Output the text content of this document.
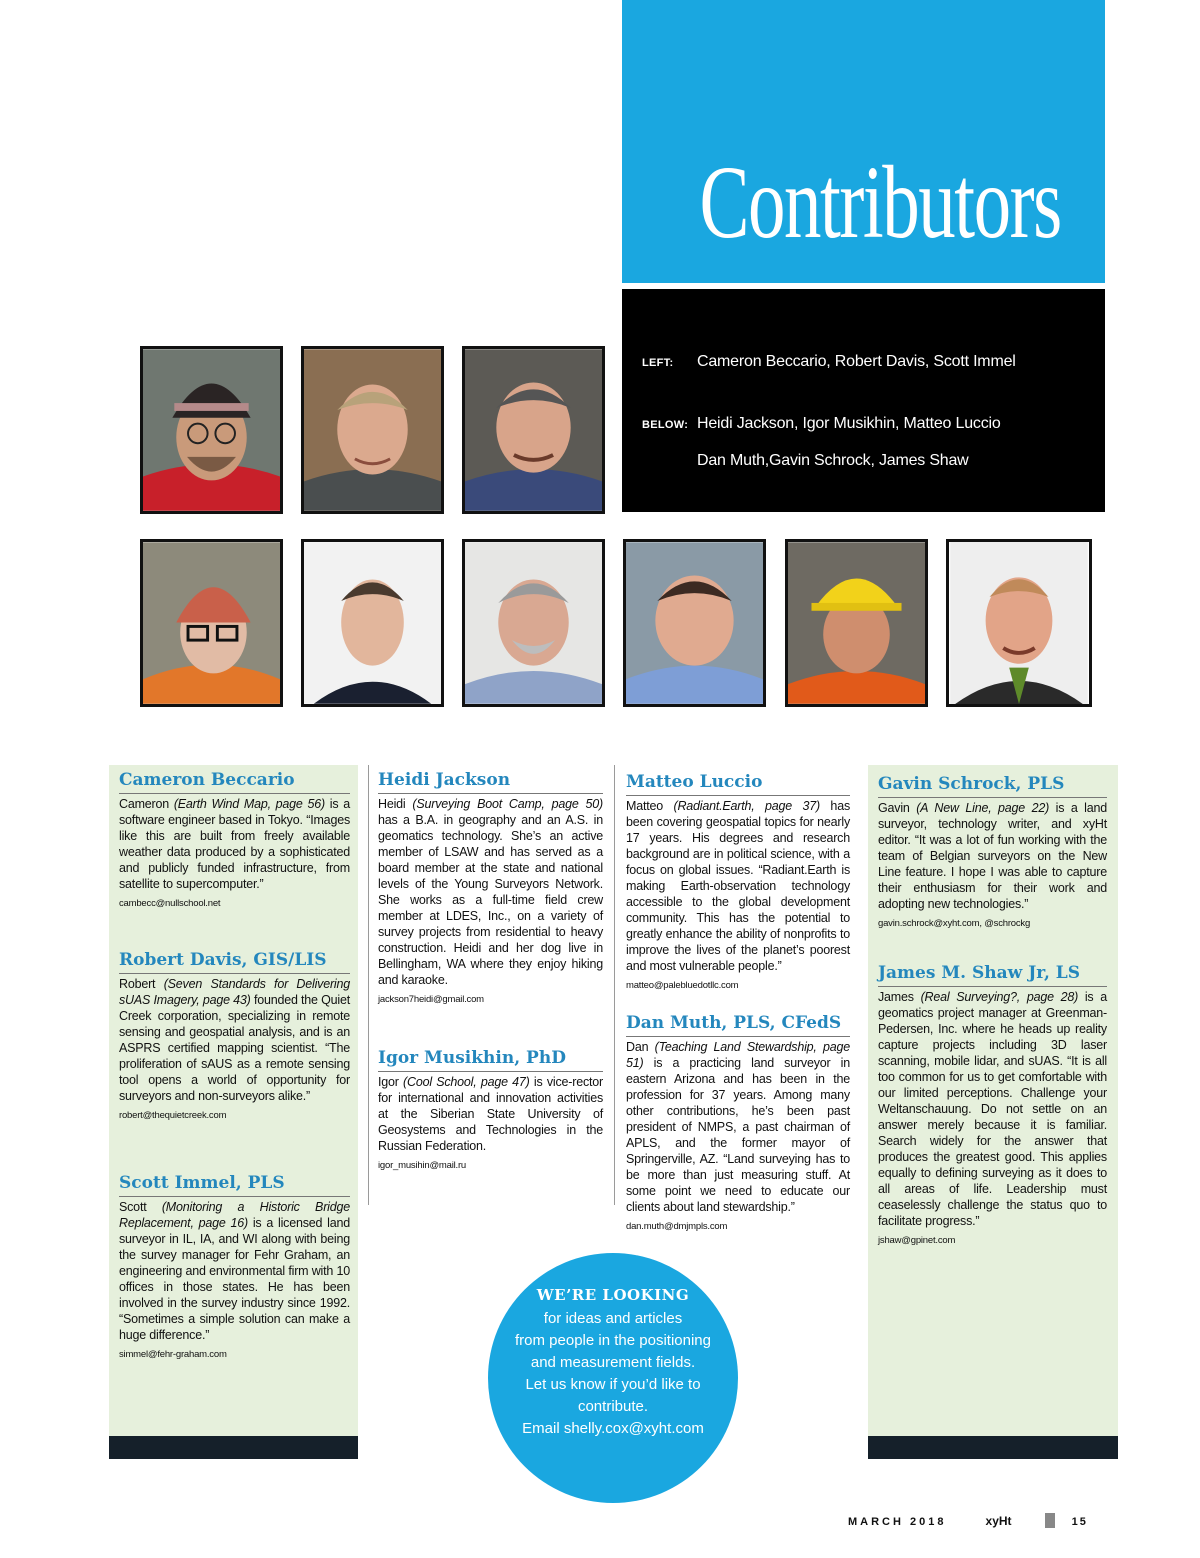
Contributors
LEFT:	Cameron Beccario, Robert Davis, Scott Immel
BELOW: Heidi Jackson, Igor Musikhin, Matteo Luccio
Dan Muth,Gavin Schrock, James Shaw
Cameron Beccario

Cameron (Earth Wind Map, page 56) is a software engineer based in Tokyo. “Images like this are built from freely available weather data produced by a sophisticated and publicly funded infrastructure, from satellite to supercomputer.”

cambecc@nullschool.net
Robert Davis, GIS/LIS

Robert (Seven Standards for Delivering sUAS Imagery, page 43) founded the Quiet Creek corporation, specializing in remote sensing and geospatial analysis, and is an ASPRS certified mapping scientist. “The proliferation of sAUS as a remote sensing tool opens a world of opportunity for surveyors and non-surveyors alike.”

robert@thequietcreek.com
Scott Immel, PLS

Scott (Monitoring a Historic Bridge Replacement, page 16) is a licensed land surveyor in IL, IA, and WI along with being the survey manager for Fehr Graham, an engineering and environmental firm with 10 offices in those states. He has been involved in the survey industry since 1992. “Sometimes a simple solution can make a huge difference.”

simmel@fehr-graham.com
Heidi Jackson

Heidi (Surveying Boot Camp, page 50) has a B.A. in geography and an A.S. in geomatics technology. She’s an active member of LSAW and has served as a board member at the state and national levels of the Young Surveyors Network. She works as a full-time field crew member at LDES, Inc., on a variety of survey projects from residential to heavy construction. Heidi and her dog live in Bellingham, WA where they enjoy hiking and karaoke.

jackson7heidi@gmail.com
Igor Musikhin, PhD

Igor (Cool School, page 47) is vice-rector for international and innovation activities at the Siberian State University of Geosystems and Technologies in the Russian Federation.

igor_musihin@mail.ru
Matteo Luccio

Matteo (Radiant.Earth, page 37) has been covering geospatial topics for nearly 17 years. His degrees and research background are in political science, with a focus on global issues. “Radiant.Earth is making Earth-observation technology accessible to the global development community. This has the potential to greatly enhance the ability of nonprofits to improve the lives of the planet’s poorest and most vulnerable people.”

matteo@palebluedotllc.com
Dan Muth, PLS, CFedS

Dan (Teaching Land Stewardship, page 51) is a practicing land surveyor in eastern Arizona and has been in the profession for 37 years. Among many other contributions, he’s been past president of NMPS, a past chairman of APLS, and the former mayor of Springerville, AZ. “Land surveying has to be more than just measuring stuff. At some point we need to educate our clients about land stewardship.”

dan.muth@dmjmpls.com
Gavin Schrock, PLS

Gavin (A New Line, page 22) is a land surveyor, technology writer, and xyHt editor. “It was a lot of fun working with the team of Belgian surveyors on the New Line feature. I hope I was able to capture their enthusiasm for their work and adopting new technologies.”

gavin.schrock@xyht.com, @schrockg
James M. Shaw Jr, LS

James (Real Surveying?, page 28) is a geomatics project manager at Greenman-Pedersen, Inc. where he heads up reality capture projects including 3D laser scanning, mobile lidar, and sUAS. “It is all too common for us to get comfortable with our limited perceptions. Challenge your Weltanschauung. Do not settle on an answer merely because it is familiar. Search widely for the answer that produces the greatest good. This applies equally to defining surveying as it does to all areas of life. Leadership must ceaselessly challenge the status quo to facilitate progress.”

jshaw@gpinet.com
WE’RE LOOKING
for ideas and articles
from people in the positioning
and measurement fields.
Let us know if you’d like to
contribute.
Email shelly.cox@xyht.com
MARCH 2018	xyHt	15
